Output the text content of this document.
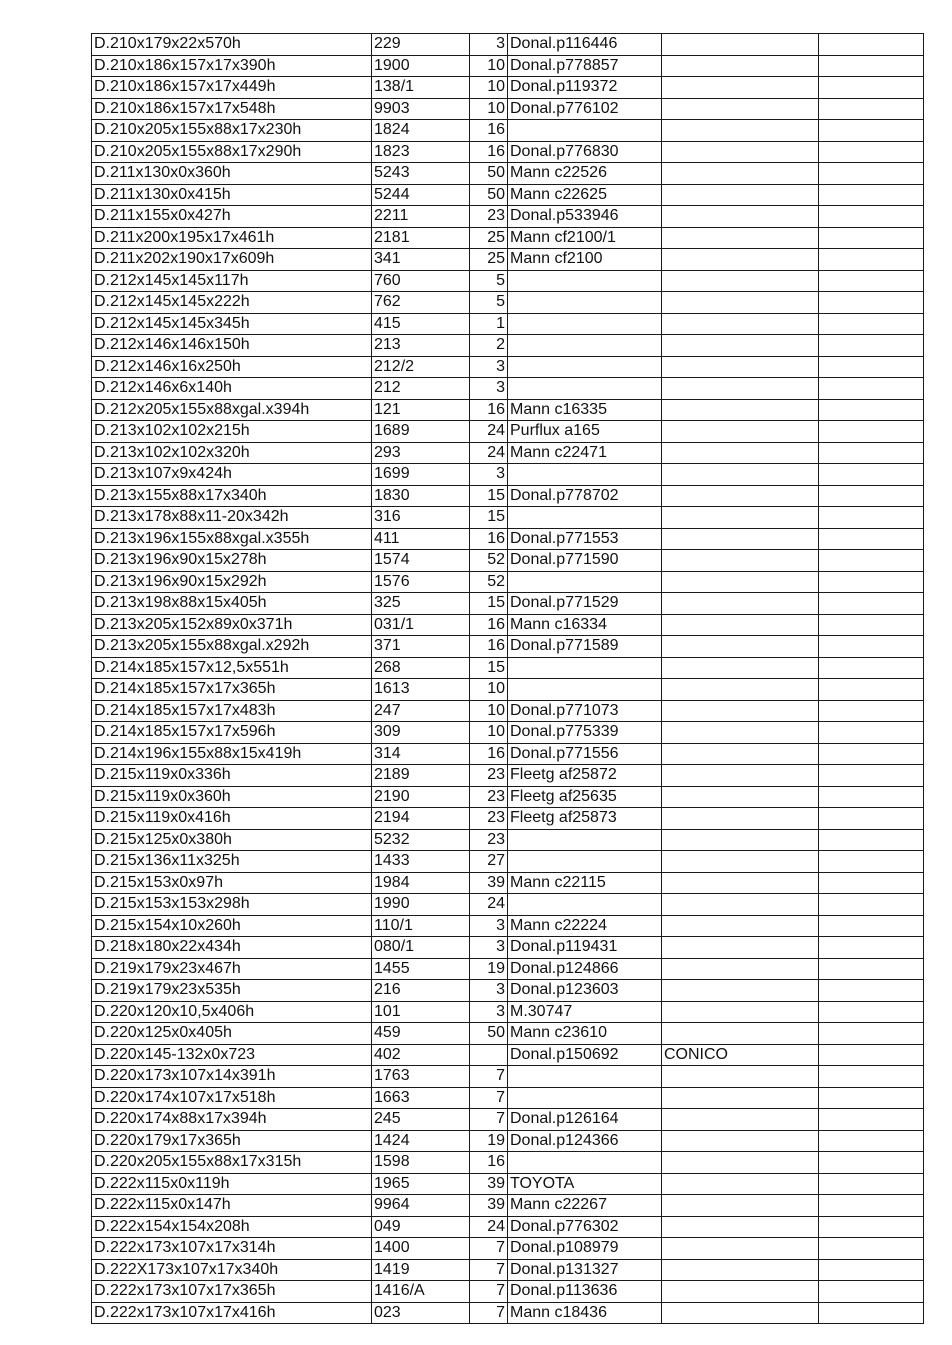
D.210x179x22x570h	229	3	Donal.p116446		
D.210x186x157x17x390h	1900	10	Donal.p778857		
D.210x186x157x17x449h	138/1	10	Donal.p119372		
D.210x186x157x17x548h	9903	10	Donal.p776102		
D.210x205x155x88x17x230h	1824	16			
D.210x205x155x88x17x290h	1823	16	Donal.p776830		
D.211x130x0x360h	5243	50	Mann c22526		
D.211x130x0x415h	5244	50	Mann c22625		
D.211x155x0x427h	2211	23	Donal.p533946		
D.211x200x195x17x461h	2181	25	Mann cf2100/1		
D.211x202x190x17x609h	341	25	Mann cf2100		
D.212x145x145x117h	760	5			
D.212x145x145x222h	762	5			
D.212x145x145x345h	415	1			
D.212x146x146x150h	213	2			
D.212x146x16x250h	212/2	3			
D.212x146x6x140h	212	3			
D.212x205x155x88xgal.x394h	121	16	Mann c16335		
D.213x102x102x215h	1689	24	Purflux a165		
D.213x102x102x320h	293	24	Mann c22471		
D.213x107x9x424h	1699	3			
D.213x155x88x17x340h	1830	15	Donal.p778702		
D.213x178x88x11-20x342h	316	15			
D.213x196x155x88xgal.x355h	411	16	Donal.p771553		
D.213x196x90x15x278h	1574	52	Donal.p771590		
D.213x196x90x15x292h	1576	52			
D.213x198x88x15x405h	325	15	Donal.p771529		
D.213x205x152x89x0x371h	031/1	16	Mann c16334		
D.213x205x155x88xgal.x292h	371	16	Donal.p771589		
D.214x185x157x12,5x551h	268	15			
D.214x185x157x17x365h	1613	10			
D.214x185x157x17x483h	247	10	Donal.p771073		
D.214x185x157x17x596h	309	10	Donal.p775339		
D.214x196x155x88x15x419h	314	16	Donal.p771556		
D.215x119x0x336h	2189	23	Fleetg af25872		
D.215x119x0x360h	2190	23	Fleetg af25635		
D.215x119x0x416h	2194	23	Fleetg af25873		
D.215x125x0x380h	5232	23			
D.215x136x11x325h	1433	27			
D.215x153x0x97h	1984	39	Mann c22115		
D.215x153x153x298h	1990	24			
D.215x154x10x260h	110/1	3	Mann c22224		
D.218x180x22x434h	080/1	3	Donal.p119431		
D.219x179x23x467h	1455	19	Donal.p124866		
D.219x179x23x535h	216	3	Donal.p123603		
D.220x120x10,5x406h	101	3	M.30747		
D.220x125x0x405h	459	50	Mann c23610		
D.220x145-132x0x723	402		Donal.p150692	CONICO	
D.220x173x107x14x391h	1763	7			
D.220x174x107x17x518h	1663	7			
D.220x174x88x17x394h	245	7	Donal.p126164		
D.220x179x17x365h	1424	19	Donal.p124366		
D.220x205x155x88x17x315h	1598	16			
D.222x115x0x119h	1965	39	TOYOTA		
D.222x115x0x147h	9964	39	Mann c22267		
D.222x154x154x208h	049	24	Donal.p776302		
D.222x173x107x17x314h	1400	7	Donal.p108979		
D.222X173x107x17x340h	1419	7	Donal.p131327		
D.222x173x107x17x365h	1416/A	7	Donal.p113636		
D.222x173x107x17x416h	023	7	Mann c18436		
